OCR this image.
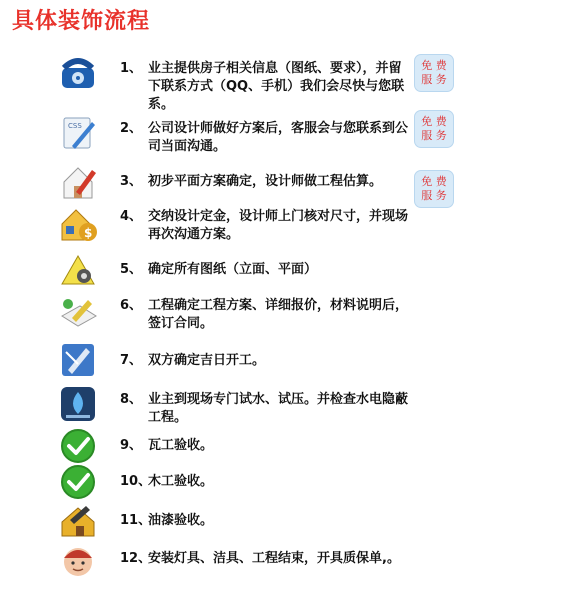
具体装饰流程
1、 业主提供房子相关信息（图纸、要求），并留下联系方式（QQ、手机）我们会尽快与您联系。
免 费
服 务
CSS	2、 公司设计师做好方案后，客服会与您联系到公司当面沟通。
免 费
服 务
3、 初步平面方案确定，设计师做工程估算。	免 费
服 务
$
4、 交纳设计定金，设计师上门核对尺寸，并现场再次沟通方案。
5、 确定所有图纸（立面、平面）
6、 工程确定工程方案、详细报价，材料说明后，签订合同。
7、 双方确定吉日开工。
8、 业主到现场专门试水、试压。并检查水电隐蔽工程。
9、 瓦工验收。
10、
木工验收。
11、
油漆验收。
12、
安装灯具、洁具、工程结束，开具质保单,。
